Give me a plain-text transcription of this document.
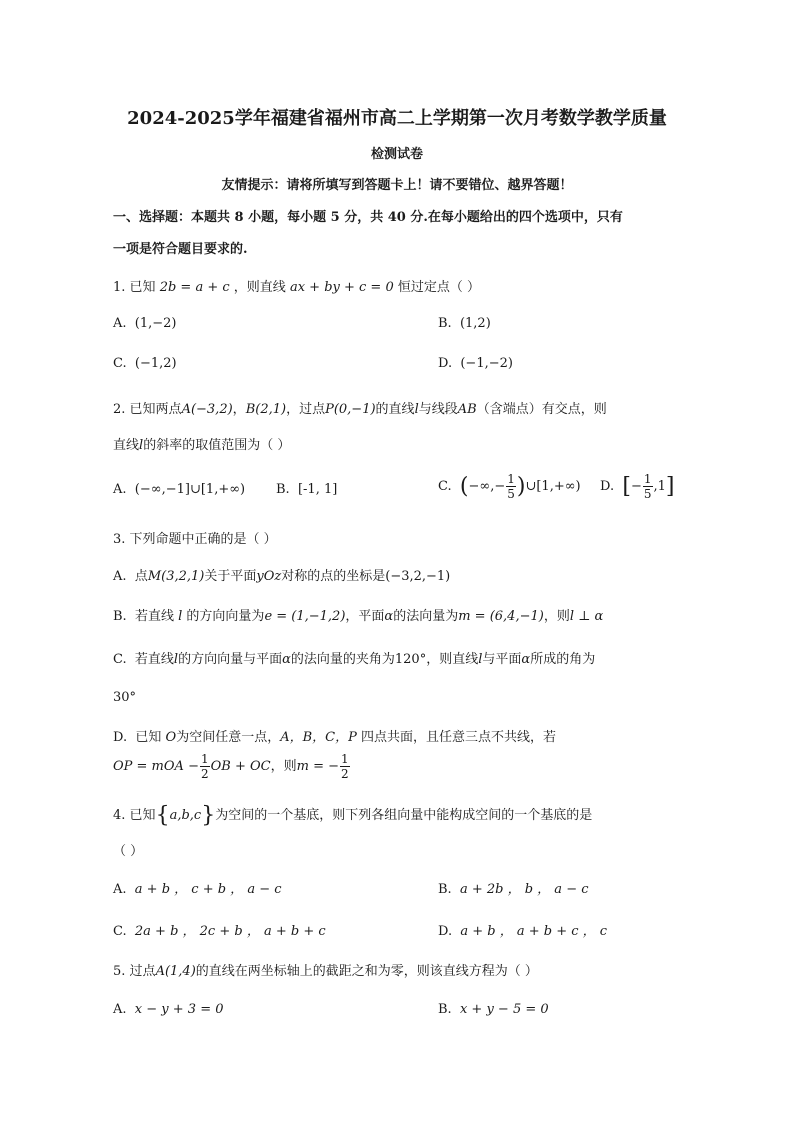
2024-2025学年福建省福州市高二上学期第一次月考数学教学质量
检测试卷
友情提示：请将所填写到答题卡上！请不要错位、越界答题！
一、选择题：本题共 8 小题，每小题 5 分，共 40 分.在每小题给出的四个选项中，只有
一项是符合题目要求的.
1. 已知 2b = a + c ，则直线 ax + by + c = 0 恒过定点（ ）
A. (1,−2)	B. (1,2)
C. (−1,2)	D. (−1,−2)
2. 已知两点A(−3,2)，B(2,1)，过点P(0,−1)的直线l与线段AB（含端点）有交点，则
直线l的斜率的取值范围为（ ）
A. (−∞,−1]∪[1,+∞) B. [-1, 1]	C. (−∞,− $\frac{1}{5}$ )∪[1,+∞) D. [− $\frac{1}{5} ,1$]
3. 下列命题中正确的是（ ）
A. 点M(3,2,1)关于平面yOz对称的点的坐标是(−3,2,−1)
B. 若直线 l 的方向向量为e = (1,−1,2)，平面α的法向量为m = (6,4,−1)，则l ⊥ α
C. 若直线l的方向向量与平面α的法向量的夹角为120°，则直线l与平面α所成的角为
30°
D. 已知 O为空间任意一点，A，B，C，P 四点共面，且任意三点不共线，若
OP = mOA − $\frac{1}{2}$ OB + OC，则m = − $\frac{1}{2}$
4. 已知{a,b,c}为空间的一个基底，则下列各组向量中能构成空间的一个基底的是
（ ）
A. a + b ， c + b ， a − c	B. a + 2b ， b ， a − c
C. 2a + b ， 2c + b ， a + b + c	D. a + b ， a + b + c ， c
5. 过点A(1,4)的直线在两坐标轴上的截距之和为零，则该直线方程为（ ）
A. x − y + 3 = 0	B. x + y − 5 = 0
